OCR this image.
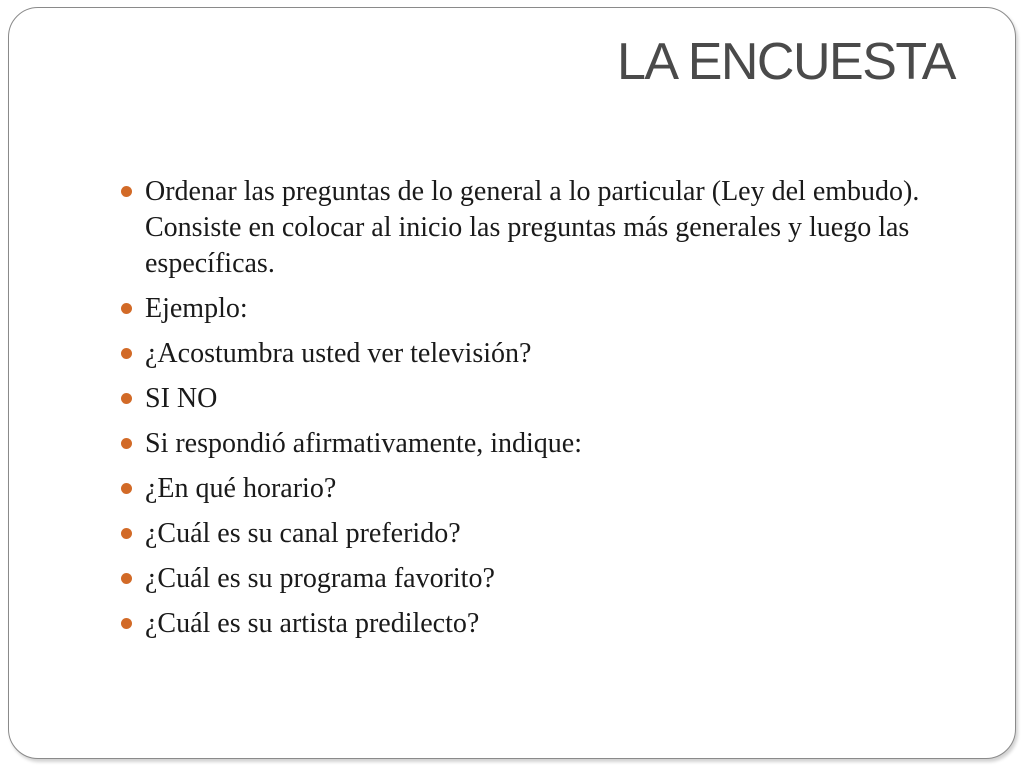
LA ENCUESTA
Ordenar las preguntas de lo general a lo particular (Ley del embudo). Consiste en colocar al inicio las preguntas más generales y luego las específicas.
Ejemplo:
¿Acostumbra usted ver televisión?
SI NO
Si respondió afirmativamente, indique:
¿En qué horario?
¿Cuál es su canal preferido?
¿Cuál es su programa favorito?
¿Cuál es su artista predilecto?
